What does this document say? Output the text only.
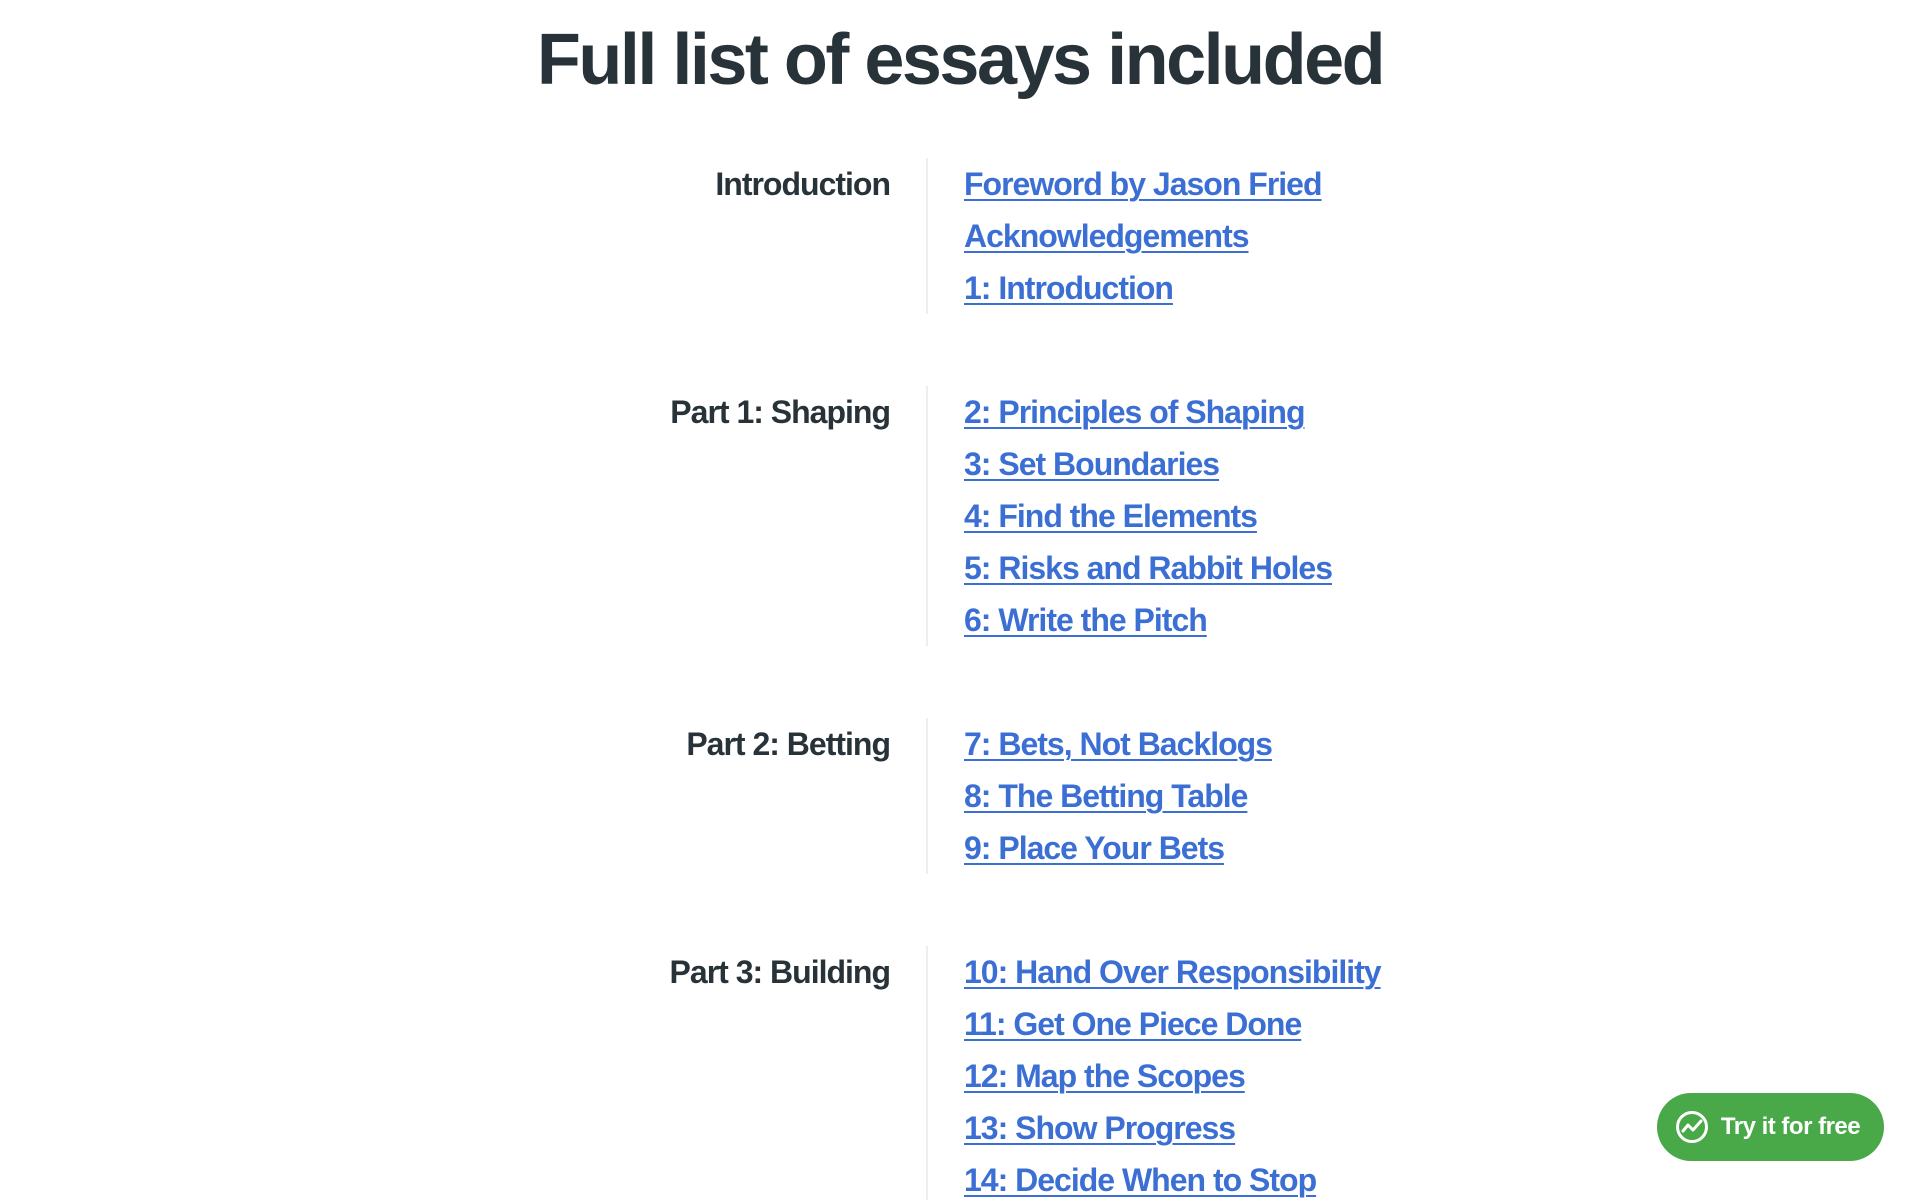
Full list of essays included
Introduction	Foreword by Jason Fried
Acknowledgements
1: Introduction
Part 1: Shaping	2: Principles of Shaping
3: Set Boundaries
4: Find the Elements
5: Risks and Rabbit Holes
6: Write the Pitch
Part 2: Betting	7: Bets, Not Backlogs
8: The Betting Table
9: Place Your Bets
Part 3: Building	10: Hand Over Responsibility
11: Get One Piece Done
12: Map the Scopes
13: Show Progress
14: Decide When to Stop
Try it for free
